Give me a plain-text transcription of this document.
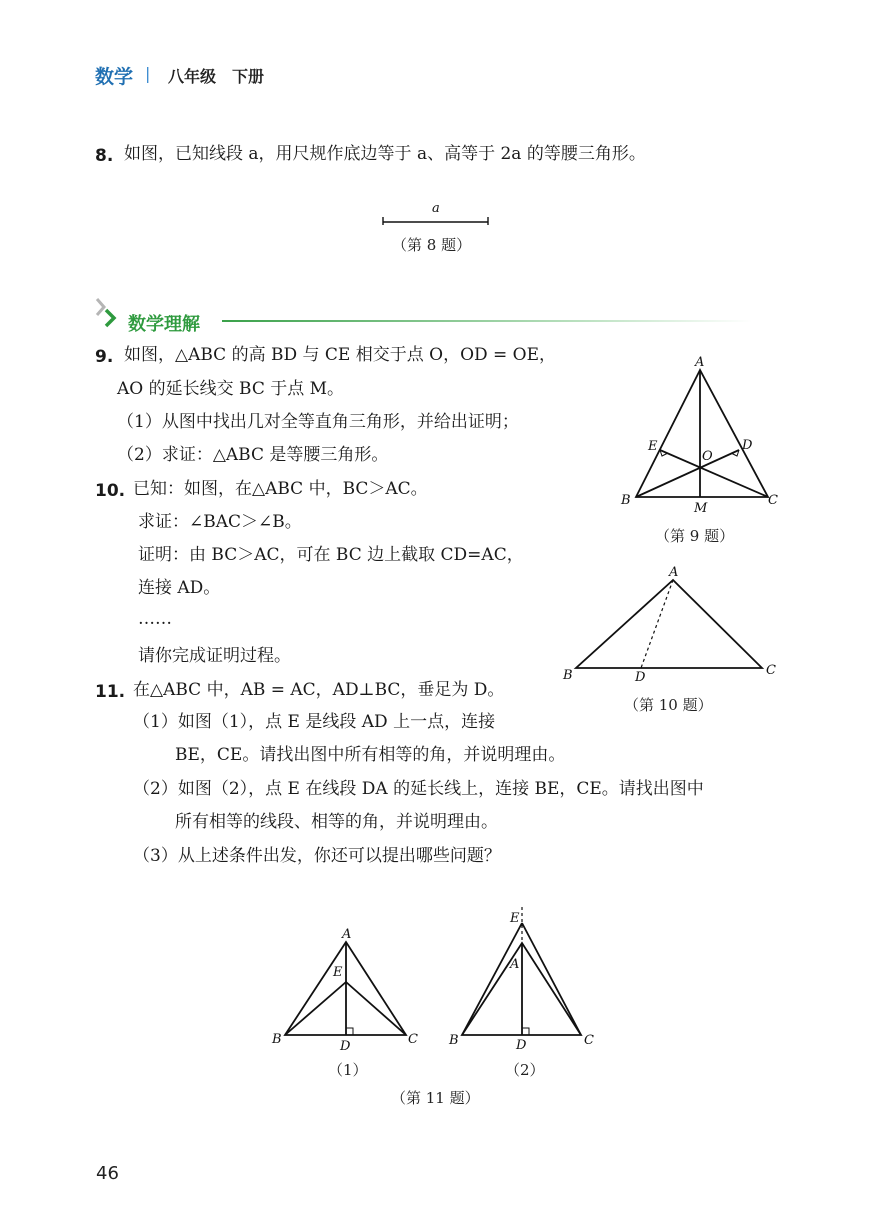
数学 | 八年级　下册
8. 如图，已知线段 a，用尺规作底边等于 a、高等于 2a 的等腰三角形。
a
（第 8 题）
数学理解
9. 如图，△ABC 的高 BD 与 CE 相交于点 O，OD = OE，
AO 的延长线交 BC 于点 M。
（1）从图中找出几对全等直角三角形，并给出证明；
（2）求证：△ABC 是等腰三角形。
A
B	C
D
E
O
M
（第 9 题）
10. 已知：如图，在△ABC 中，BC＞AC。
求证：∠BAC＞∠B。
证明：由 BC＞AC，可在 BC 边上截取 CD=AC，
连接 AD。
……
请你完成证明过程。
A
B	C
D
（第 10 题）
11. 在△ABC 中，AB = AC，AD⊥BC，垂足为 D。
（1）如图（1），点 E 是线段 AD 上一点，连接
BE，CE。请找出图中所有相等的角，并说明理由。
（2）如图（2），点 E 在线段 DA 的延长线上，连接 BE，CE。请找出图中
所有相等的线段、相等的角，并说明理由。
（3）从上述条件出发，你还可以提出哪些问题？
A
E
B	C
D
（1）
E
A
B	C
D
（2）
（第 11 题）
46
